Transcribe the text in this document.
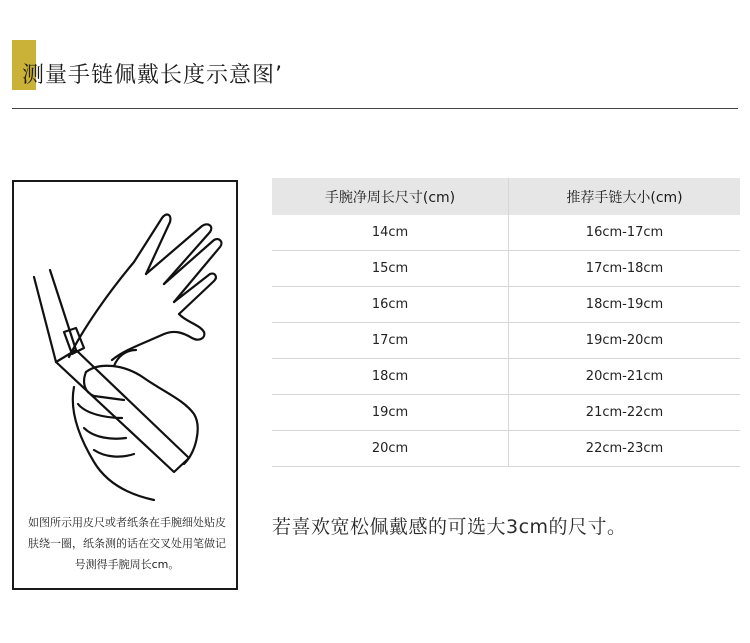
测量手链佩戴长度示意图’
如图所示用皮尺或者纸条在手腕细处贴皮肤绕一圈，纸条测的话在交叉处用笔做记号测得手腕周长cm。
手腕净周长尺寸(cm)	推荐手链大小(cm)
14cm	16cm-17cm
15cm	17cm-18cm
16cm	18cm-19cm
17cm	19cm-20cm
18cm	20cm-21cm
19cm	21cm-22cm
20cm	22cm-23cm
若喜欢宽松佩戴感的可选大3cm的尺寸。
